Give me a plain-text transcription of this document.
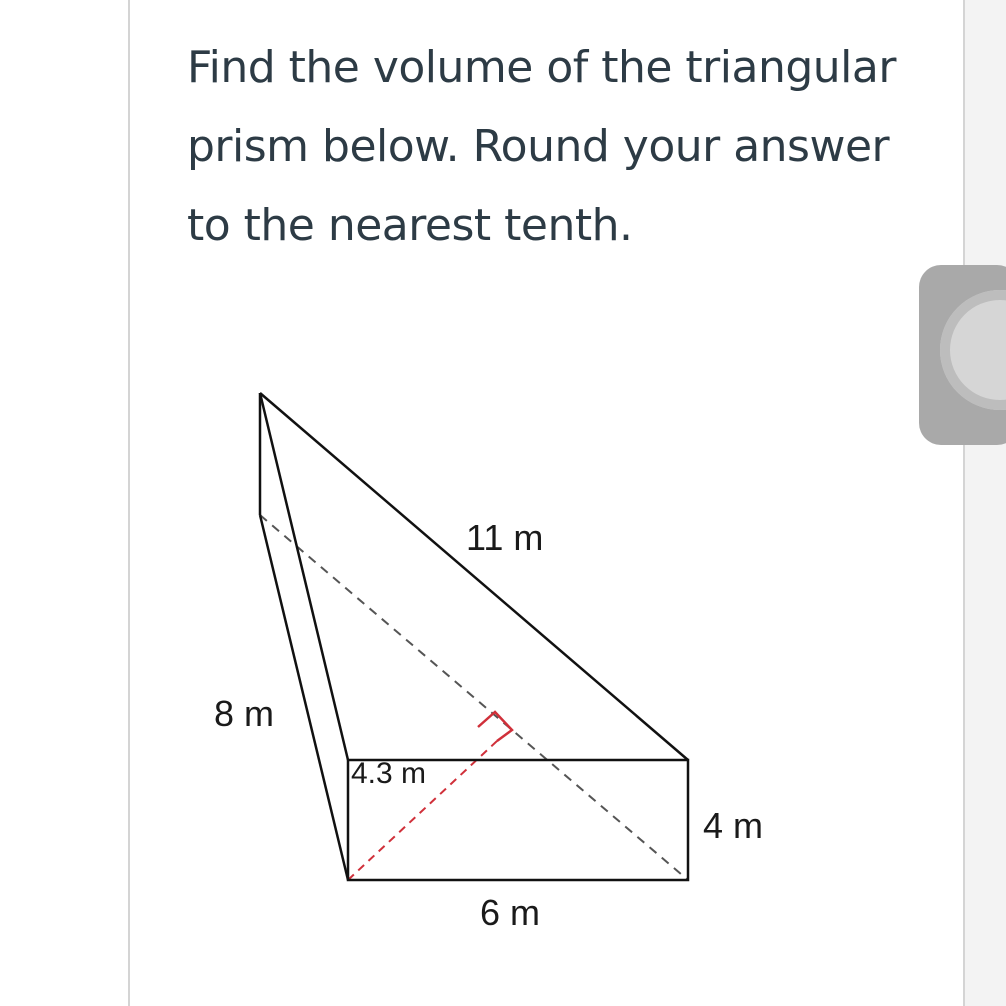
Find the volume of the triangular prism below. Round your answer to the nearest tenth.

11 m
8 m
4.3 m
4 m
6 m
